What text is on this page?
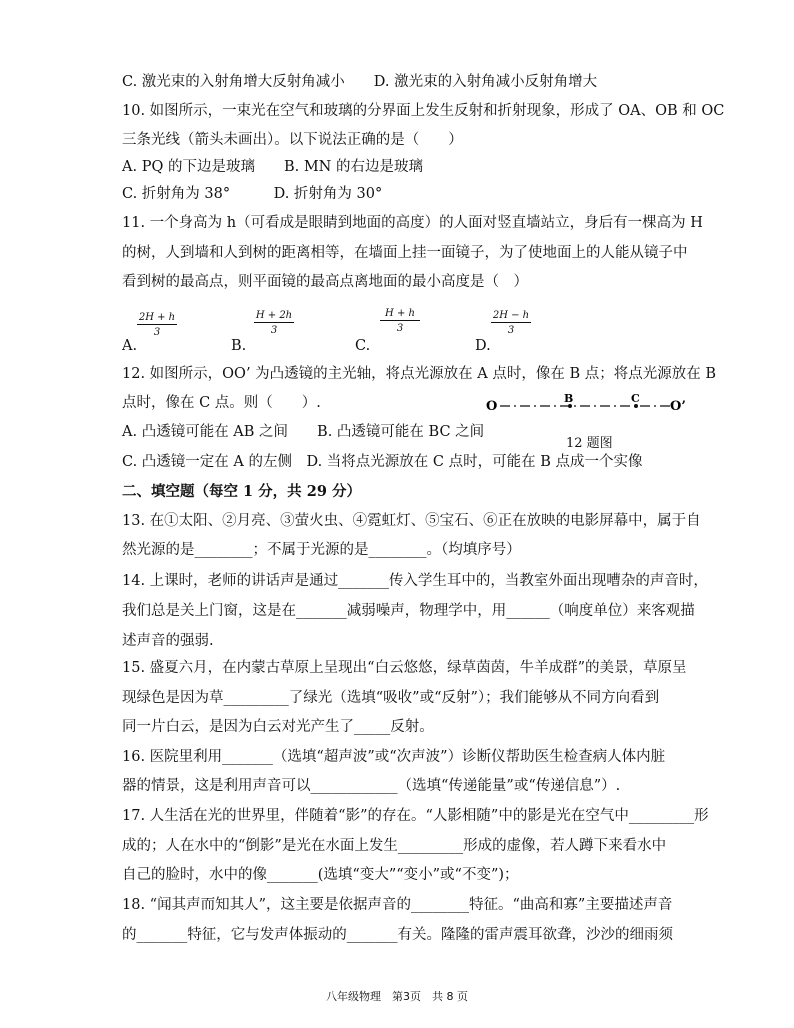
C. 激光束的入射角增大反射角减小　　D. 激光束的入射角减小反射角增大
10. 如图所示，一束光在空气和玻璃的分界面上发生反射和折射现象，形成了 OA、OB 和 OC
三条光线（箭头未画出）。以下说法正确的是（　　）
A. PQ 的下边是玻璃　　B. MN 的右边是玻璃
C. 折射角为 38°　　　D. 折射角为 30°
11. 一个身高为 h（可看成是眼睛到地面的高度）的人面对竖直墙站立，身后有一棵高为 H
的树，人到墙和人到树的距离相等，在墙面上挂一面镜子，为了使地面上的人能从镜子中
看到树的最高点，则平面镜的最高点离地面的最小高度是（　）
A.
$\frac{2H + h}{3}$
B.
$\frac{H + 2h}{3}$
C.
$\frac{H + h}{3}$
D.
$\frac{2H - h}{3}$
12. 如图所示，OO’ 为凸透镜的主光轴，将点光源放在 A 点时，像在 B 点；将点光源放在 B
点时，像在 C 点。则（　　）.	O
B	C
O’
12 题图
A. 凸透镜可能在 AB 之间　　B. 凸透镜可能在 BC 之间
C. 凸透镜一定在 A 的左侧　D. 当将点光源放在 C 点时，可能在 B 点成一个实像
二、填空题（每空 1 分，共 29 分）
13. 在①太阳、②月亮、③萤火虫、④霓虹灯、⑤宝石、⑥正在放映的电影屏幕中，属于自
然光源的是________；不属于光源的是________。（均填序号）
14. 上课时，老师的讲话声是通过_______传入学生耳中的，当教室外面出现嘈杂的声音时，
我们总是关上门窗，这是在_______减弱噪声，物理学中，用______（响度单位）来客观描
述声音的强弱.
15. 盛夏六月，在内蒙古草原上呈现出“白云悠悠，绿草茵茵，牛羊成群”的美景，草原呈
现绿色是因为草_________了绿光（选填“吸收”或“反射”）；我们能够从不同方向看到
同一片白云，是因为白云对光产生了_____反射。
16. 医院里利用_______（选填“超声波”或“次声波”）诊断仪帮助医生检查病人体内脏
器的情景，这是利用声音可以____________（选填“传递能量”或“传递信息”）.
17. 人生活在光的世界里，伴随着“影”的存在。“人影相随”中的影是光在空气中_________形
成的；人在水中的“倒影”是光在水面上发生_________形成的虚像，若人蹲下来看水中
自己的脸时，水中的像_______(选填“变大”“变小”或“不变”)；
18. “闻其声而知其人”，这主要是依据声音的________特征。“曲高和寡”主要描述声音
的_______特征，它与发声体振动的_______有关。隆隆的雷声震耳欲聋，沙沙的细雨须
八年级物理　第3页　共 8 页
